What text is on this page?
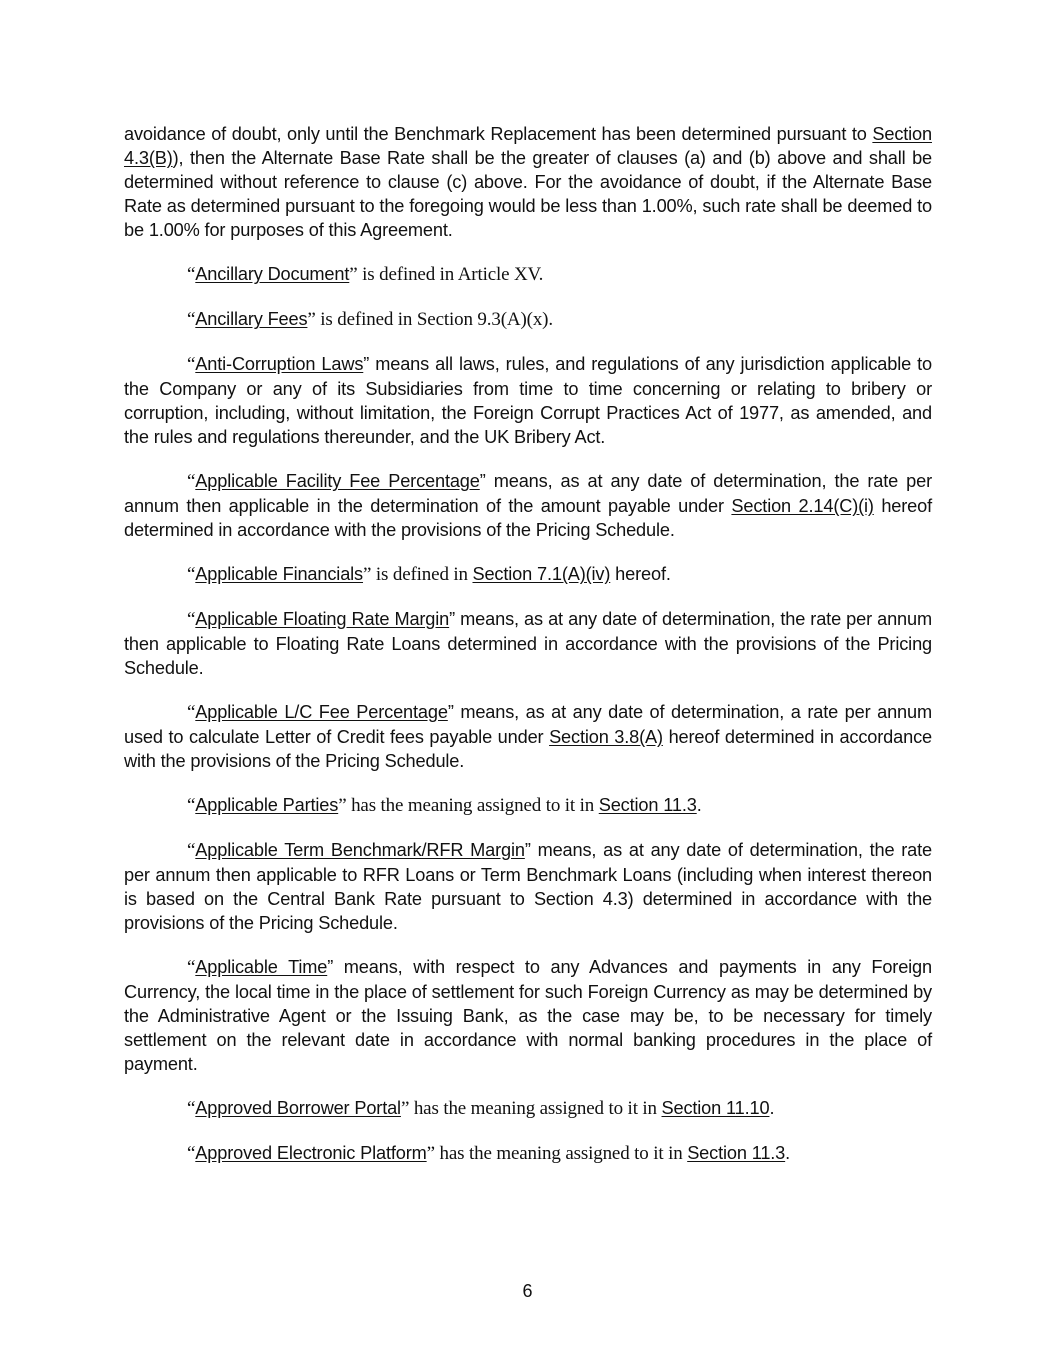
avoidance of doubt, only until the Benchmark Replacement has been determined pursuant to Section 4.3(B)), then the Alternate Base Rate shall be the greater of clauses (a) and (b) above and shall be determined without reference to clause (c) above. For the avoidance of doubt, if the Alternate Base Rate as determined pursuant to the foregoing would be less than 1.00%, such rate shall be deemed to be 1.00% for purposes of this Agreement.

“Ancillary Document” is defined in Article XV.

“Ancillary Fees” is defined in Section 9.3(A)(x).

“Anti-Corruption Laws” means all laws, rules, and regulations of any jurisdiction applicable to the Company or any of its Subsidiaries from time to time concerning or relating to bribery or corruption, including, without limitation, the Foreign Corrupt Practices Act of 1977, as amended, and the rules and regulations thereunder, and the UK Bribery Act.

“Applicable Facility Fee Percentage” means, as at any date of determination, the rate per annum then applicable in the determination of the amount payable under Section 2.14(C)(i) hereof determined in accordance with the provisions of the Pricing Schedule.

“Applicable Financials” is defined in Section 7.1(A)(iv) hereof.

“Applicable Floating Rate Margin” means, as at any date of determination, the rate per annum then applicable to Floating Rate Loans determined in accordance with the provisions of the Pricing Schedule.

“Applicable L/C Fee Percentage” means, as at any date of determination, a rate per annum used to calculate Letter of Credit fees payable under Section 3.8(A) hereof determined in accordance with the provisions of the Pricing Schedule.

“Applicable Parties” has the meaning assigned to it in Section 11.3.

“Applicable Term Benchmark/RFR Margin” means, as at any date of determination, the rate per annum then applicable to RFR Loans or Term Benchmark Loans (including when interest thereon is based on the Central Bank Rate pursuant to Section 4.3) determined in accordance with the provisions of the Pricing Schedule.

“Applicable Time” means, with respect to any Advances and payments in any Foreign Currency, the local time in the place of settlement for such Foreign Currency as may be determined by the Administrative Agent or the Issuing Bank, as the case may be, to be necessary for timely settlement on the relevant date in accordance with normal banking procedures in the place of payment.

“Approved Borrower Portal” has the meaning assigned to it in Section 11.10.

“Approved Electronic Platform” has the meaning assigned to it in Section 11.3.

6
